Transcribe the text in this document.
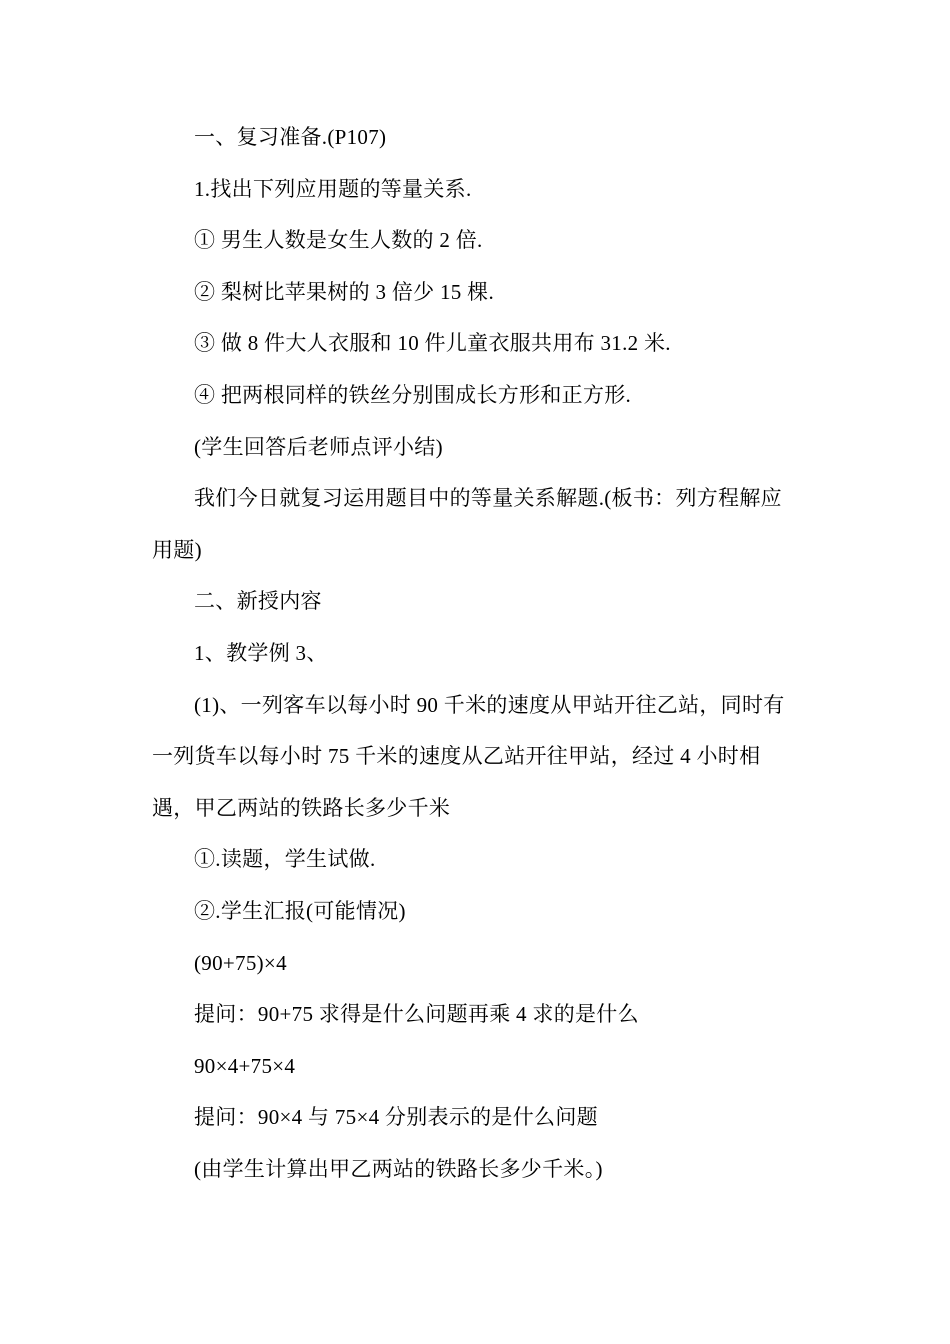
一、复习准备.(P107)

1.找出下列应用题的等量关系.

① 男生人数是女生人数的 2 倍.

② 梨树比苹果树的 3 倍少 15 棵.

③ 做 8 件大人衣服和 10 件儿童衣服共用布 31.2 米.

④ 把两根同样的铁丝分别围成长方形和正方形.

(学生回答后老师点评小结)

我们今日就复习运用题目中的等量关系解题.(板书：列方程解应用题)

二、新授内容

1、教学例 3、

(1)、一列客车以每小时 90 千米的速度从甲站开往乙站，同时有一列货车以每小时 75 千米的速度从乙站开往甲站，经过 4 小时相遇，甲乙两站的铁路长多少千米

①.读题，学生试做.

②.学生汇报(可能情况)

(90+75)×4

提问：90+75 求得是什么问题再乘 4 求的是什么

90×4+75×4

提问：90×4 与 75×4 分别表示的是什么问题

(由学生计算出甲乙两站的铁路长多少千米。)
